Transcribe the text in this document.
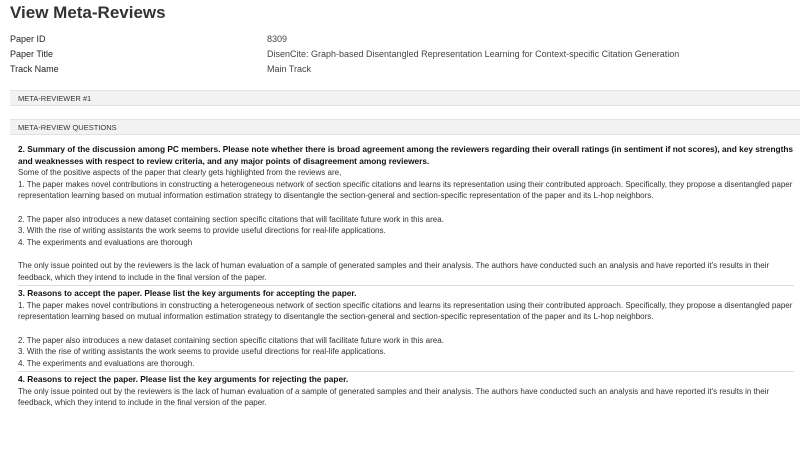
View Meta-Reviews
Paper ID	8309
Paper Title	DisenCite: Graph-based Disentangled Representation Learning for Context-specific Citation Generation
Track Name	Main Track
META-REVIEWER #1
META-REVIEW QUESTIONS
2. Summary of the discussion among PC members. Please note whether there is broad agreement among the reviewers regarding their overall ratings (in sentiment if not scores), and key strengths and weaknesses with respect to review criteria, and any major points of disagreement among reviewers.
Some of the positive aspects of the paper that clearly gets highlighted from the reviews are,
1. The paper makes novel contributions in constructing a heterogeneous network of section specific citations and learns its representation using their contributed approach. Specifically, they propose a disentangled paper representation learning based on mutual information estimation strategy to disentangle the section-general and section-specific representation of the paper and its L-hop neighbors.
2. The paper also introduces a new dataset containing section specific citations that will facilitate future work in this area.
3. With the rise of writing assistants the work seems to provide useful directions for real-life applications.
4. The experiments and evaluations are thorough
The only issue pointed out by the reviewers is the lack of human evaluation of a sample of generated samples and their analysis. The authors have conducted such an analysis and have reported it's results in their feedback, which they intend to include in the final version of the paper.
3. Reasons to accept the paper. Please list the key arguments for accepting the paper.
1. The paper makes novel contributions in constructing a heterogeneous network of section specific citations and learns its representation using their contributed approach. Specifically, they propose a disentangled paper representation learning based on mutual information estimation strategy to disentangle the section-general and section-specific representation of the paper and its L-hop neighbors.
2. The paper also introduces a new dataset containing section specific citations that will facilitate future work in this area.
3. With the rise of writing assistants the work seems to provide useful directions for real-life applications.
4. The experiments and evaluations are thorough.
4. Reasons to reject the paper. Please list the key arguments for rejecting the paper.
The only issue pointed out by the reviewers is the lack of human evaluation of a sample of generated samples and their analysis. The authors have conducted such an analysis and have reported it's results in their feedback, which they intend to include in the final version of the paper.
